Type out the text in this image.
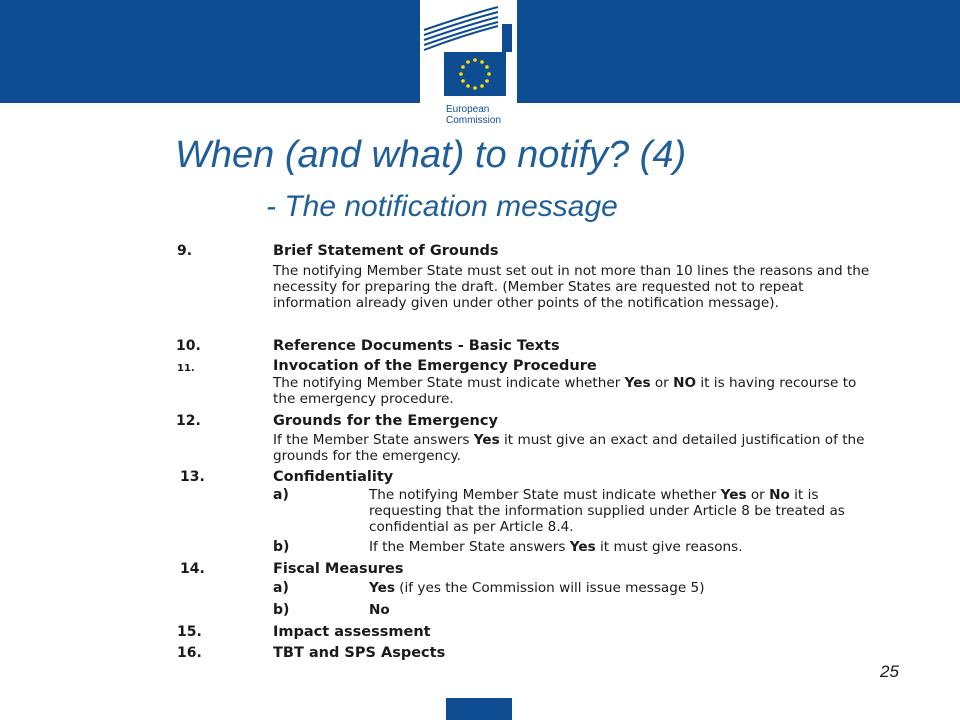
European
Commission
When (and what) to notify? (4)
- The notification message
9.	Brief Statement of Grounds
The notifying Member State must set out in not more than 10 lines the reasons and the necessity for preparing the draft. (Member States are requested not to repeat information already given under other points of the notification message).
10.	Reference Documents - Basic Texts
11.	Invocation of the Emergency Procedure
The notifying Member State must indicate whether Yes or NO it is having recourse to the emergency procedure.
12.	Grounds for the Emergency
If the Member State answers Yes it must give an exact and detailed justification of the grounds for the emergency.
13.	Confidentiality
a)	The notifying Member State must indicate whether Yes or No it is requesting that the information supplied under Article 8 be treated as confidential as per Article 8.4.
b)	If the Member State answers Yes it must give reasons.
14.	Fiscal Measures
a)	Yes (if yes the Commission will issue message 5)
b)	No
15.	Impact assessment
16.	TBT and SPS Aspects
25
